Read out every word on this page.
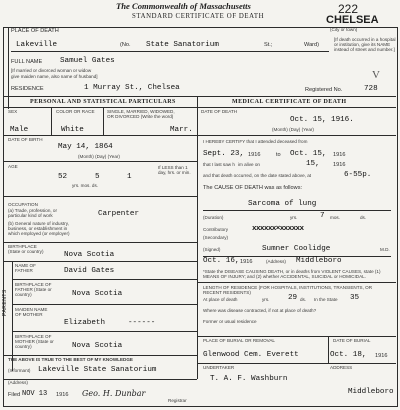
The Commonwealth of Massachusetts
STANDARD CERTIFICATE OF DEATH
222
CHELSEA
(City or town)
[If death occurred in a hospital or institution, give its NAME instead of street and number.]
PLACE OF DEATH
Lakeville	(No. State Sanatorium	St.;	Ward)
FULL NAME Samuel Gates
[If married or divorced woman or widow
give maiden name, also name of husband]
RESIDENCE	1 Murray St., Chelsea	Registered No.	728
V
PERSONAL AND STATISTICAL PARTICULARS
SEX	COLOR OR RACE	SINGLE, MARRIED, WIDOWED, OR DIVORCED (Write the word)
Male	White	Marr.
DATE OF BIRTH
May 14, 1864
(Month) (Day) (Year)
AGE
52	5	1
yrs. mos. ds.
If LESS than 1 day, hrs. or min.
OCCUPATION
(a) Trade, profession, or particular kind of work
(b) General nature of industry, business, or establishment in which employed (or employer)
Carpenter
BIRTHPLACE (State or country)	Nova Scotia
PARENTS
NAME OF FATHER	David Gates
BIRTHPLACE OF FATHER (State or country)	Nova Scotia
MAIDEN NAME OF MOTHER
Elizabeth	------
BIRTHPLACE OF MOTHER (State or country)	Nova Scotia
THE ABOVE IS TRUE TO THE BEST OF MY KNOWLEDGE
(Informant) Lakeville State Sanatorium
(Address)
Filed NOV 13 1916 Geo. H. Dunbar
Registrar
MEDICAL CERTIFICATE OF DEATH
DATE OF DEATH
Oct. 15, 1916.
(Month) (Day) (Year)
I HEREBY CERTIFY that I attended deceased from
Sept. 23, 1916	to Oct. 15, 1916
that I last saw h im alive on	15, 1916
and that death occurred, on the date stated above, at	6-55p.
The CAUSE OF DEATH was as follows:
Sarcoma of lung
(Duration)	yrs.	7 mos.	ds.
Contributory	xxxxxx×xxxxxx
(Secondary)
(Signed)	Sumner Coolidge	M.D.
Oct. 16, 1916	(Address) Middleboro
*State the DISEASE CAUSING DEATH, or in deaths from VIOLENT CAUSES, state (1) MEANS OF INJURY; and (2) whether ACCIDENTAL, SUICIDAL or HOMICIDAL.
LENGTH OF RESIDENCE (FOR HOSPITALS, INSTITUTIONS, TRANSIENTS, OR RECENT RESIDENTS)
At place of death	yrs. 29 ds. In the State 35
Where was disease contracted, if not at place of death?
Former or usual residence
PLACE OF BURIAL OR REMOVAL	DATE OF BURIAL
Glenwood Cem. Everett	Oct. 18, 1916
UNDERTAKER
T. A. F. Washburn
ADDRESS
Middleboro
